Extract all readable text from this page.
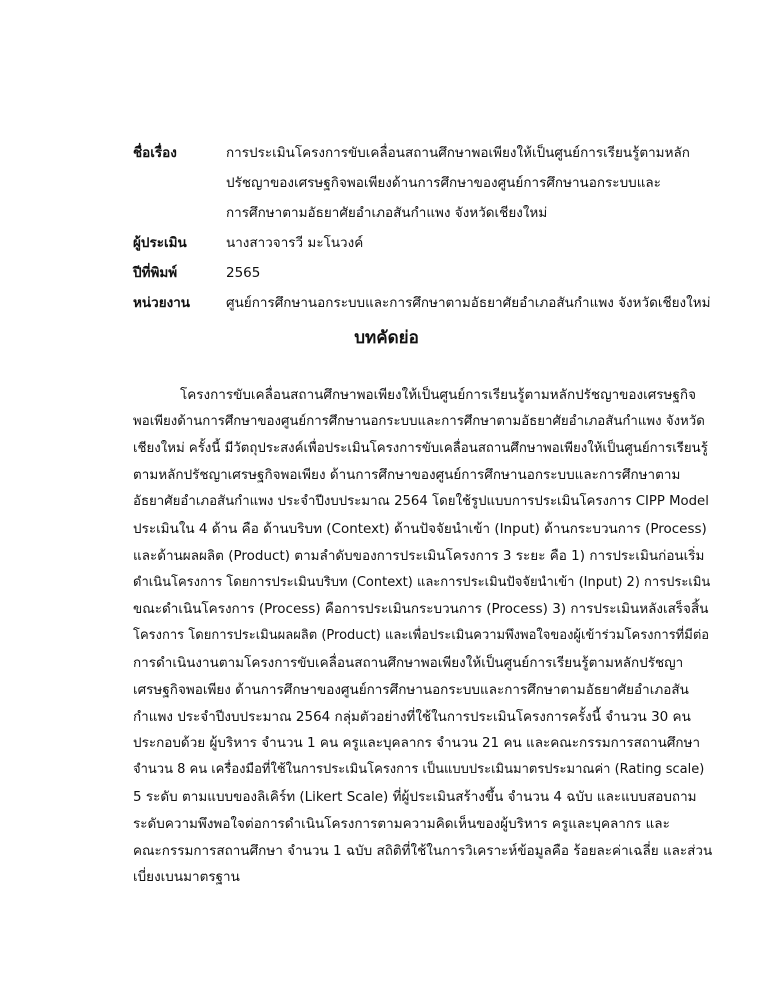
ชื่อเรื่อง	การประเมินโครงการขับเคลื่อนสถานศึกษาพอเพียงให้เป็นศูนย์การเรียนรู้ตามหลัก
ปรัชญาของเศรษฐกิจพอเพียงด้านการศึกษาของศูนย์การศึกษานอกระบบและ
การศึกษาตามอัธยาศัยอำเภอสันกำแพง จังหวัดเชียงใหม่
ผู้ประเมิน	นางสาวจารวี มะโนวงค์
ปีที่พิมพ์	2565
หน่วยงาน	ศูนย์การศึกษานอกระบบและการศึกษาตามอัธยาศัยอำเภอสันกำแพง จังหวัดเชียงใหม่
บทคัดย่อ
โครงการขับเคลื่อนสถานศึกษาพอเพียงให้เป็นศูนย์การเรียนรู้ตามหลักปรัชญาของเศรษฐกิจ
พอเพียงด้านการศึกษาของศูนย์การศึกษานอกระบบและการศึกษาตามอัธยาศัยอำเภอสันกำแพง จังหวัด
เชียงใหม่ ครั้งนี้ มีวัตถุประสงค์เพื่อประเมินโครงการขับเคลื่อนสถานศึกษาพอเพียงให้เป็นศูนย์การเรียนรู้
ตามหลักปรัชญาเศรษฐกิจพอเพียง ด้านการศึกษาของศูนย์การศึกษานอกระบบและการศึกษาตาม
อัธยาศัยอำเภอสันกำแพง ประจำปีงบประมาณ 2564 โดยใช้รูปแบบการประเมินโครงการ CIPP Model
ประเมินใน 4 ด้าน คือ ด้านบริบท (Context) ด้านปัจจัยนำเข้า (Input) ด้านกระบวนการ (Process)
และด้านผลผลิต (Product) ตามลำดับของการประเมินโครงการ 3 ระยะ คือ 1) การประเมินก่อนเริ่ม
ดำเนินโครงการ โดยการประเมินบริบท (Context) และการประเมินปัจจัยนำเข้า (Input) 2) การประเมิน
ขณะดำเนินโครงการ (Process) คือการประเมินกระบวนการ (Process) 3) การประเมินหลังเสร็จสิ้น
โครงการ โดยการประเมินผลผลิต (Product) และเพื่อประเมินความพึงพอใจของผู้เข้าร่วมโครงการที่มีต่อ
การดำเนินงานตามโครงการขับเคลื่อนสถานศึกษาพอเพียงให้เป็นศูนย์การเรียนรู้ตามหลักปรัชญา
เศรษฐกิจพอเพียง ด้านการศึกษาของศูนย์การศึกษานอกระบบและการศึกษาตามอัธยาศัยอำเภอสัน
กำแพง ประจำปีงบประมาณ 2564 กลุ่มตัวอย่างที่ใช้ในการประเมินโครงการครั้งนี้ จำนวน 30 คน
ประกอบด้วย ผู้บริหาร จำนวน 1 คน ครูและบุคลากร จำนวน 21 คน และคณะกรรมการสถานศึกษา
จำนวน 8 คน เครื่องมือที่ใช้ในการประเมินโครงการ เป็นแบบประเมินมาตรประมาณค่า (Rating scale)
5 ระดับ ตามแบบของลิเคิร์ท (Likert Scale) ที่ผู้ประเมินสร้างขึ้น จำนวน 4 ฉบับ และแบบสอบถาม
ระดับความพึงพอใจต่อการดำเนินโครงการตามความคิดเห็นของผู้บริหาร ครูและบุคลากร และ
คณะกรรมการสถานศึกษา จำนวน 1 ฉบับ สถิติที่ใช้ในการวิเคราะห์ข้อมูลคือ ร้อยละค่าเฉลี่ย และส่วน
เบี่ยงเบนมาตรฐาน
